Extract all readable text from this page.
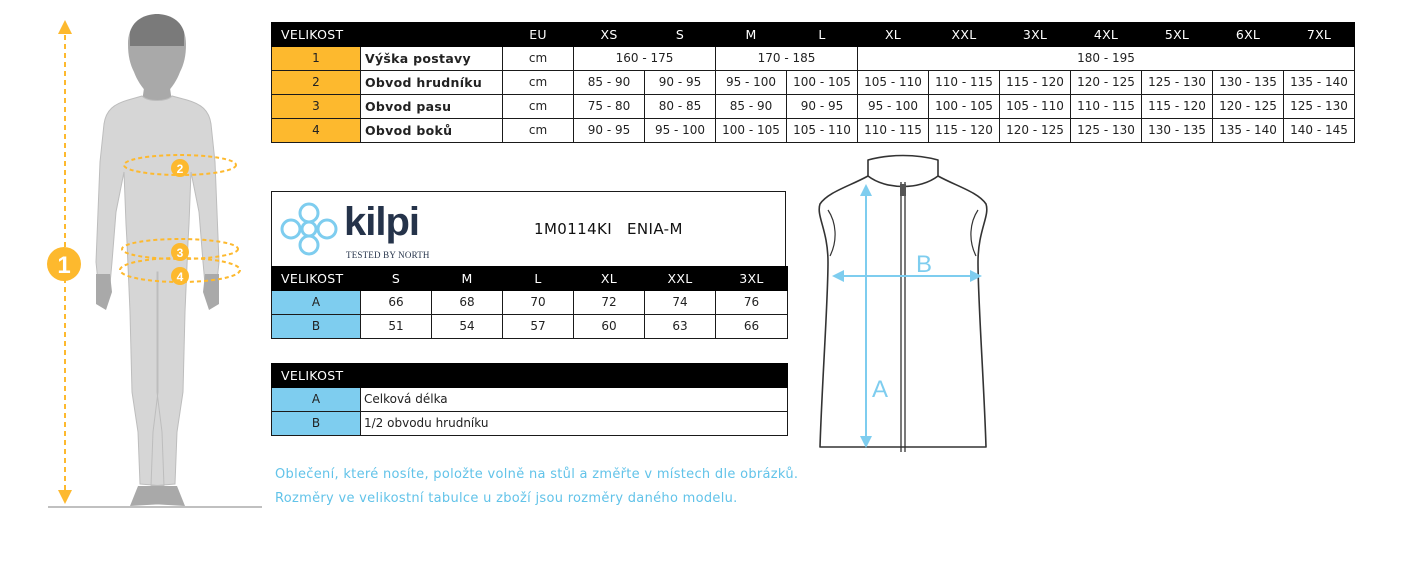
1
2
3
4
VELIKOST		EU	XS	S	M	L	XL	XXL	3XL	4XL	5XL	6XL	7XL
1	Výška postavy	cm	160 - 175		170 - 185		180 - 195						
2	Obvod hrudníku	cm	85 - 90	90 - 95	95 - 100	100 - 105	105 - 110	110 - 115	115 - 120	120 - 125	125 - 130	130 - 135	135 - 140
3	Obvod pasu	cm	75 - 80	80 - 85	85 - 90	90 - 95	95 - 100	100 - 105	105 - 110	110 - 115	115 - 120	120 - 125	125 - 130
4	Obvod boků	cm	90 - 95	95 - 100	100 - 105	105 - 110	110 - 115	115 - 120	120 - 125	125 - 130	130 - 135	135 - 140	140 - 145
kilpi
TESTED BY NORTH
1M0114KI ENIA-M
VELIKOST	S	M	L	XL	XXL	3XL
A	66	68	70	72	74	76
B	51	54	57	60	63	66
VELIKOST	
A	Celková délka
B	1/2 obvodu hrudníku
Oblečení, které nosíte, položte volně na stůl a změřte v místech dle obrázků.
Rozměry ve velikostní tabulce u zboží jsou rozměry daného modelu.
A
B
